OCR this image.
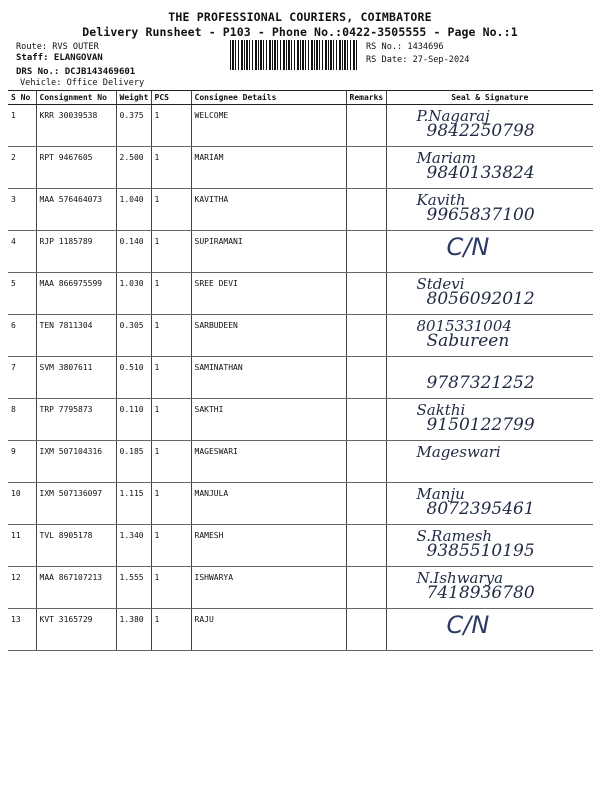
THE PROFESSIONAL COURIERS, COIMBATORE
Delivery Runsheet - P103 - Phone No.:0422-3505555 - Page No.:1
Route: RVS OUTER
Staff: ELANGOVAN
DRS No.: DCJB143469601
Vehicle: Office Delivery
RS No.: 1434696
RS Date: 27-Sep-2024
S No	Consignment No	Weight	PCS	Consignee Details	Remarks	Seal & Signature
1	KRR 30039538	0.375	1	WELCOME		P.Nagaraj
9842250798

2	RPT 9467605	2.500	1	MARIAM		Mariam
9840133824

3	MAA 576464073	1.040	1	KAVITHA		Kavith
9965837100

4	RJP 1185789	0.140	1	SUPIRAMANI		C/N

5	MAA 866975599	1.030	1	SREE DEVI		Stdevi
8056092012

6	TEN 7811304	0.305	1	SARBUDEEN		8015331004
Sabureen

7	SVM 3807611	0.510	1	SAMINATHAN		9787321252

8	TRP 7795873	0.110	1	SAKTHI		Sakthi
9150122799

9	IXM 507104316	0.185	1	MAGESWARI		Mageswari

10	IXM 507136097	1.115	1	MANJULA		Manju
8072395461

11	TVL 8905178	1.340	1	RAMESH		S.Ramesh
9385510195

12	MAA 867107213	1.555	1	ISHWARYA		N.Ishwarya
7418936780

13	KVT 3165729	1.380	1	RAJU		C/N
